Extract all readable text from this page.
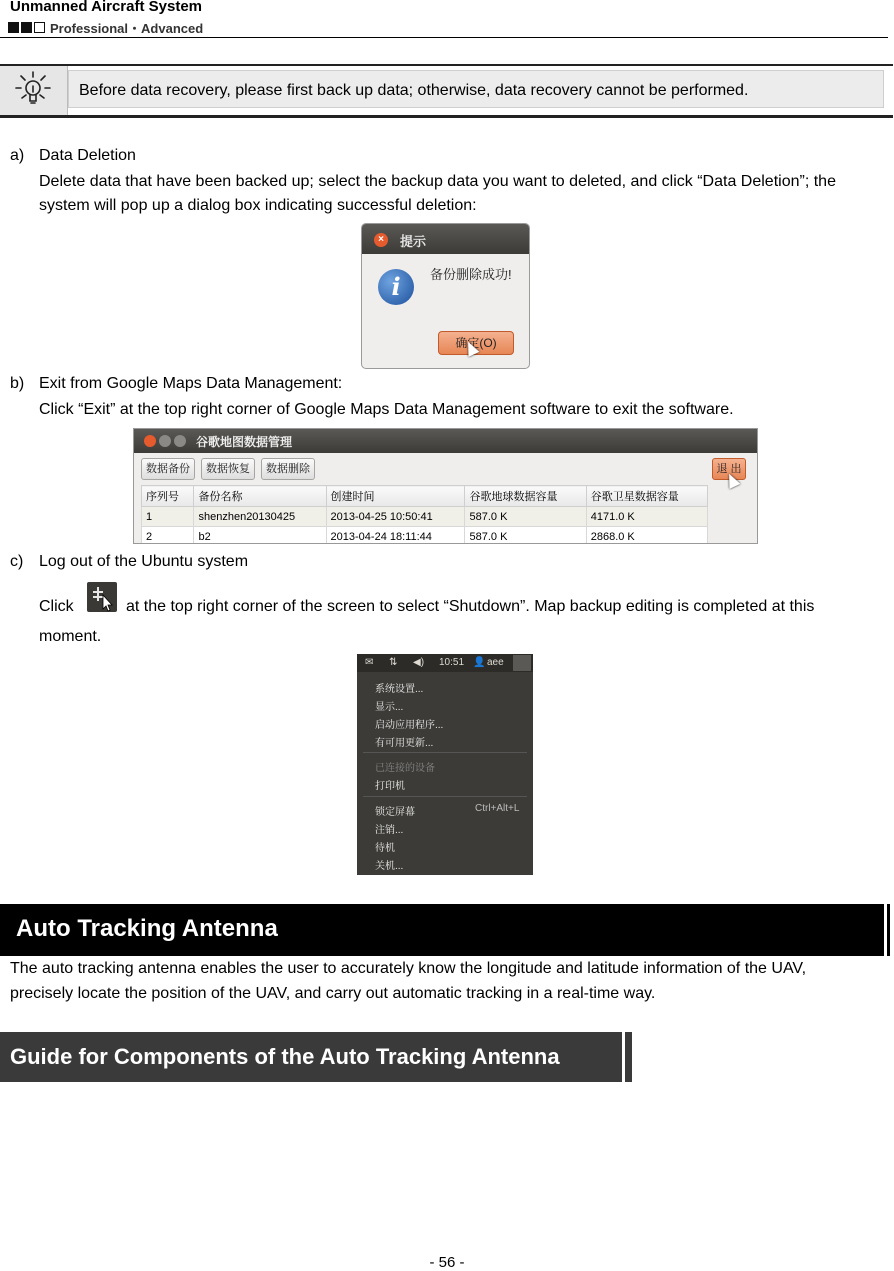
Unmanned Aircraft System
Professional・Advanced
Before data recovery, please first back up data; otherwise, data recovery cannot be performed.
a) Data Deletion
Delete data that have been backed up; select the backup data you want to deleted, and click “Data Deletion”; the
system will pop up a dialog box indicating successful deletion:
×	提示
i	备份删除成功!
确定(O)
b) Exit from Google Maps Data Management:
Click “Exit” at the top right corner of Google Maps Data Management software to exit the software.
谷歌地图数据管理
数据备份	数据恢复	数据删除	退 出
序列号	备份名称	创建时间	谷歌地球数据容量	谷歌卫星数据容量
1	shenzhen20130425	2013-04-25 10:50:41	587.0 K	4171.0 K
2	b2	2013-04-24 18:11:44	587.0 K	2868.0 K
c) Log out of the Ubuntu system
Click	at the top right corner of the screen to select “Shutdown”. Map backup editing is completed at this
moment.
✉ ⇅ ◀) 10:51 👤 aee
系统设置...
显示...
启动应用程序...
有可用更新...
已连接的设备
打印机
锁定屏幕	Ctrl+Alt+L
注销...
待机
关机...
Auto Tracking Antenna
The auto tracking antenna enables the user to accurately know the longitude and latitude information of the UAV,
precisely locate the position of the UAV, and carry out automatic tracking in a real-time way.
Guide for Components of the Auto Tracking Antenna
- 56 -
